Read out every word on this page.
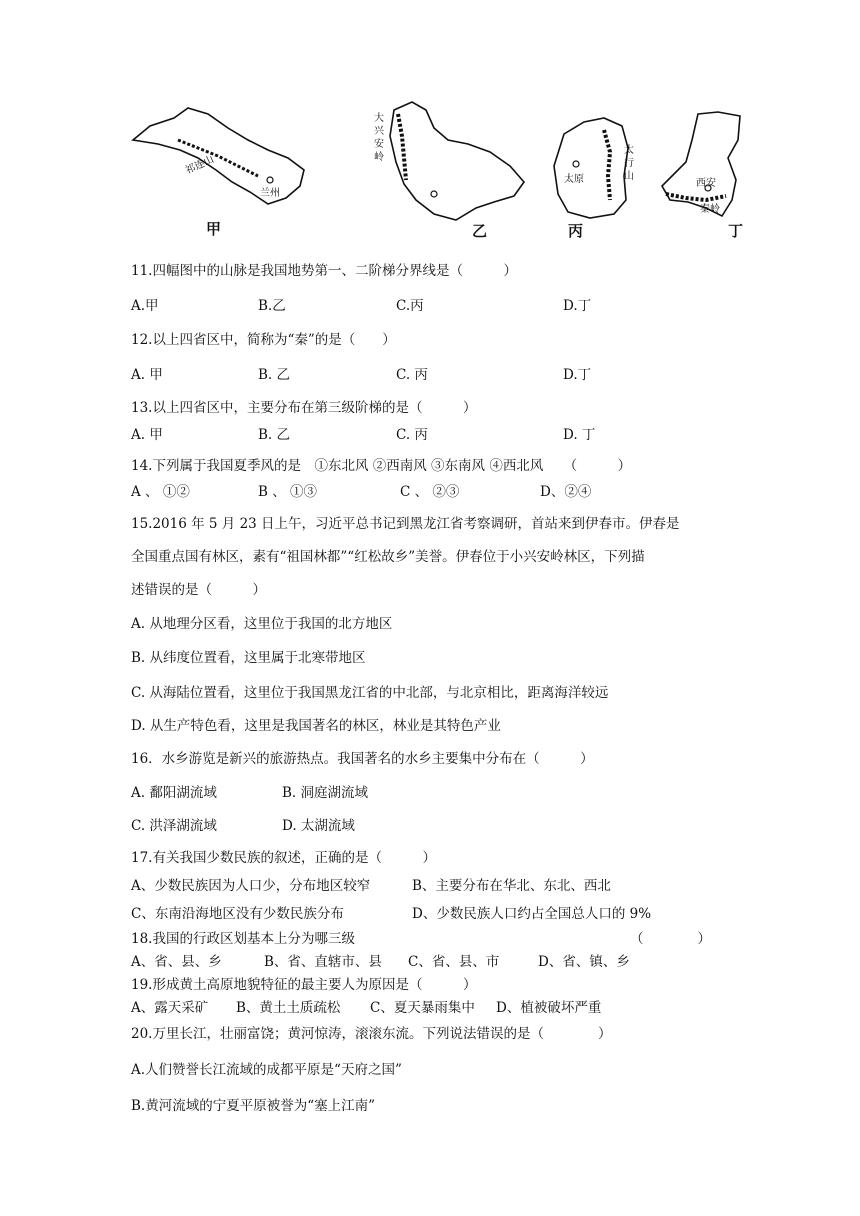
祁连山
兰州
甲
大兴安岭
乙
太原
太行山
丙
西安
秦岭
丁
11.四幅图中的山脉是我国地势第一、二阶梯分界线是（　　　）
A.甲	B.乙	C.丙	D.丁
12.以上四省区中，简称为“秦”的是（　　）
A. 甲	B. 乙	C. 丙	D.丁
13.以上四省区中，主要分布在第三级阶梯的是（　　　）
A. 甲	B. 乙	C. 丙	D. 丁
14.下列属于我国夏季风的是　①东北风 ②西南风 ③东南风 ④西北风　　（　　　）
A 、 ①②	B 、 ①③	C 、 ②③	D、②④
15.2016 年 5 月 23 日上午，习近平总书记到黑龙江省考察调研，首站来到伊春市。伊春是
全国重点国有林区，素有“祖国林都”“红松故乡”美誉。伊春位于小兴安岭林区，下列描
述错误的是（　　　）
A. 从地理分区看，这里位于我国的北方地区
B. 从纬度位置看，这里属于北寒带地区
C. 从海陆位置看，这里位于我国黑龙江省的中北部，与北京相比，距离海洋较远
D. 从生产特色看，这里是我国著名的林区，林业是其特色产业
16．水乡游览是新兴的旅游热点。我国著名的水乡主要集中分布在（　　　）
A. 鄱阳湖流域	B. 洞庭湖流域
C. 洪泽湖流域	D. 太湖流域
17.有关我国少数民族的叙述，正确的是（　　　）
A、少数民族因为人口少，分布地区较窄	B、主要分布在华北、东北、西北
C、东南沿海地区没有少数民族分布	D、少数民族人口约占全国总人口的 9%
18.我国的行政区划基本上分为哪三级	（　　　　）
A、省、县、乡	B、省、直辖市、县 C、省、县、市	D、省、镇、乡
19.形成黄土高原地貌特征的最主要人为原因是（　　　）
A、露天采矿 B、黄土土质疏松 C、夏天暴雨集中 D、植被破坏严重
20.万里长江，壮丽富饶；黄河惊涛，滚滚东流。下列说法错误的是（　　　　）
A.人们赞誉长江流域的成都平原是“天府之国”
B.黄河流域的宁夏平原被誉为“塞上江南”
